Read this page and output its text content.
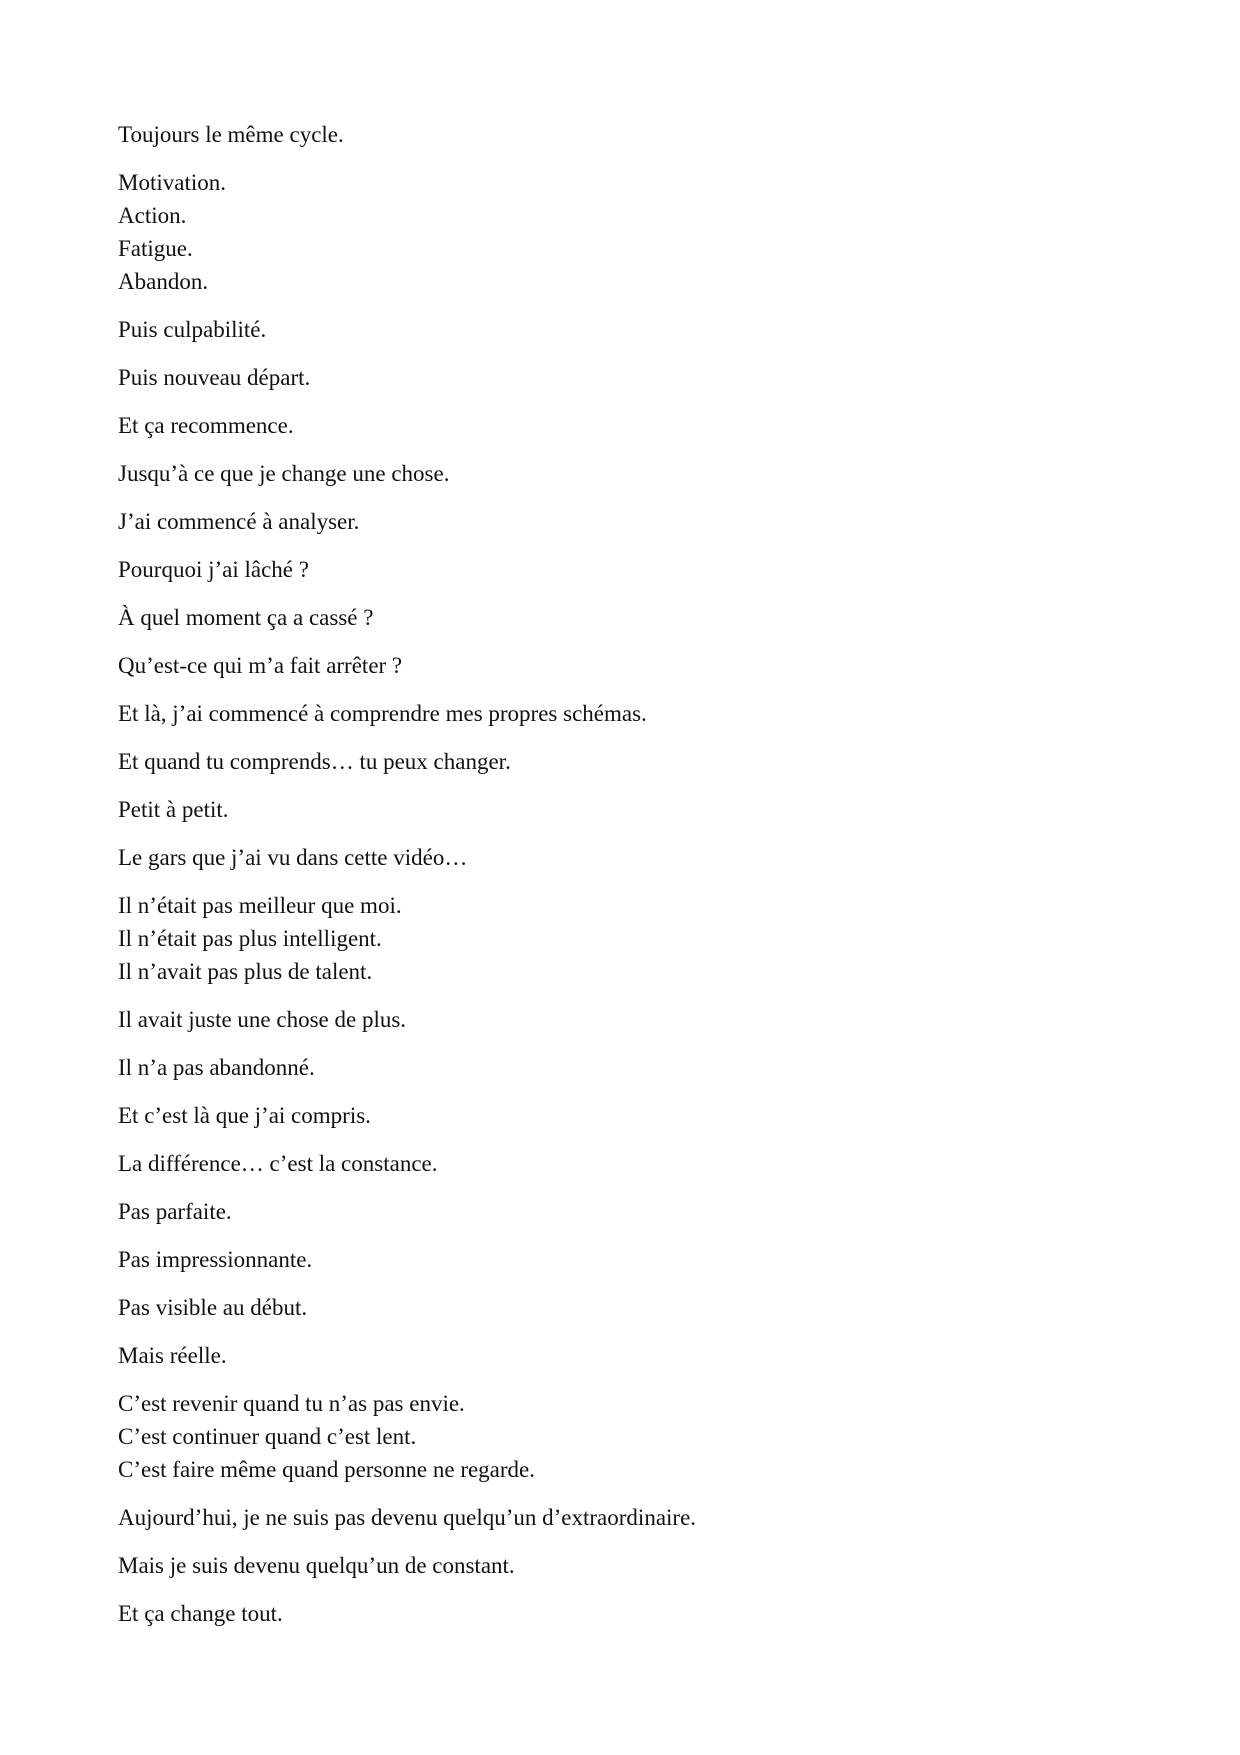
Toujours le même cycle.
Motivation.
Action.
Fatigue.
Abandon.
Puis culpabilité.
Puis nouveau départ.
Et ça recommence.
Jusqu’à ce que je change une chose.
J’ai commencé à analyser.
Pourquoi j’ai lâché ?
À quel moment ça a cassé ?
Qu’est-ce qui m’a fait arrêter ?
Et là, j’ai commencé à comprendre mes propres schémas.
Et quand tu comprends… tu peux changer.
Petit à petit.
Le gars que j’ai vu dans cette vidéo…
Il n’était pas meilleur que moi.
Il n’était pas plus intelligent.
Il n’avait pas plus de talent.
Il avait juste une chose de plus.
Il n’a pas abandonné.
Et c’est là que j’ai compris.
La différence… c’est la constance.
Pas parfaite.
Pas impressionnante.
Pas visible au début.
Mais réelle.
C’est revenir quand tu n’as pas envie.
C’est continuer quand c’est lent.
C’est faire même quand personne ne regarde.
Aujourd’hui, je ne suis pas devenu quelqu’un d’extraordinaire.
Mais je suis devenu quelqu’un de constant.
Et ça change tout.
